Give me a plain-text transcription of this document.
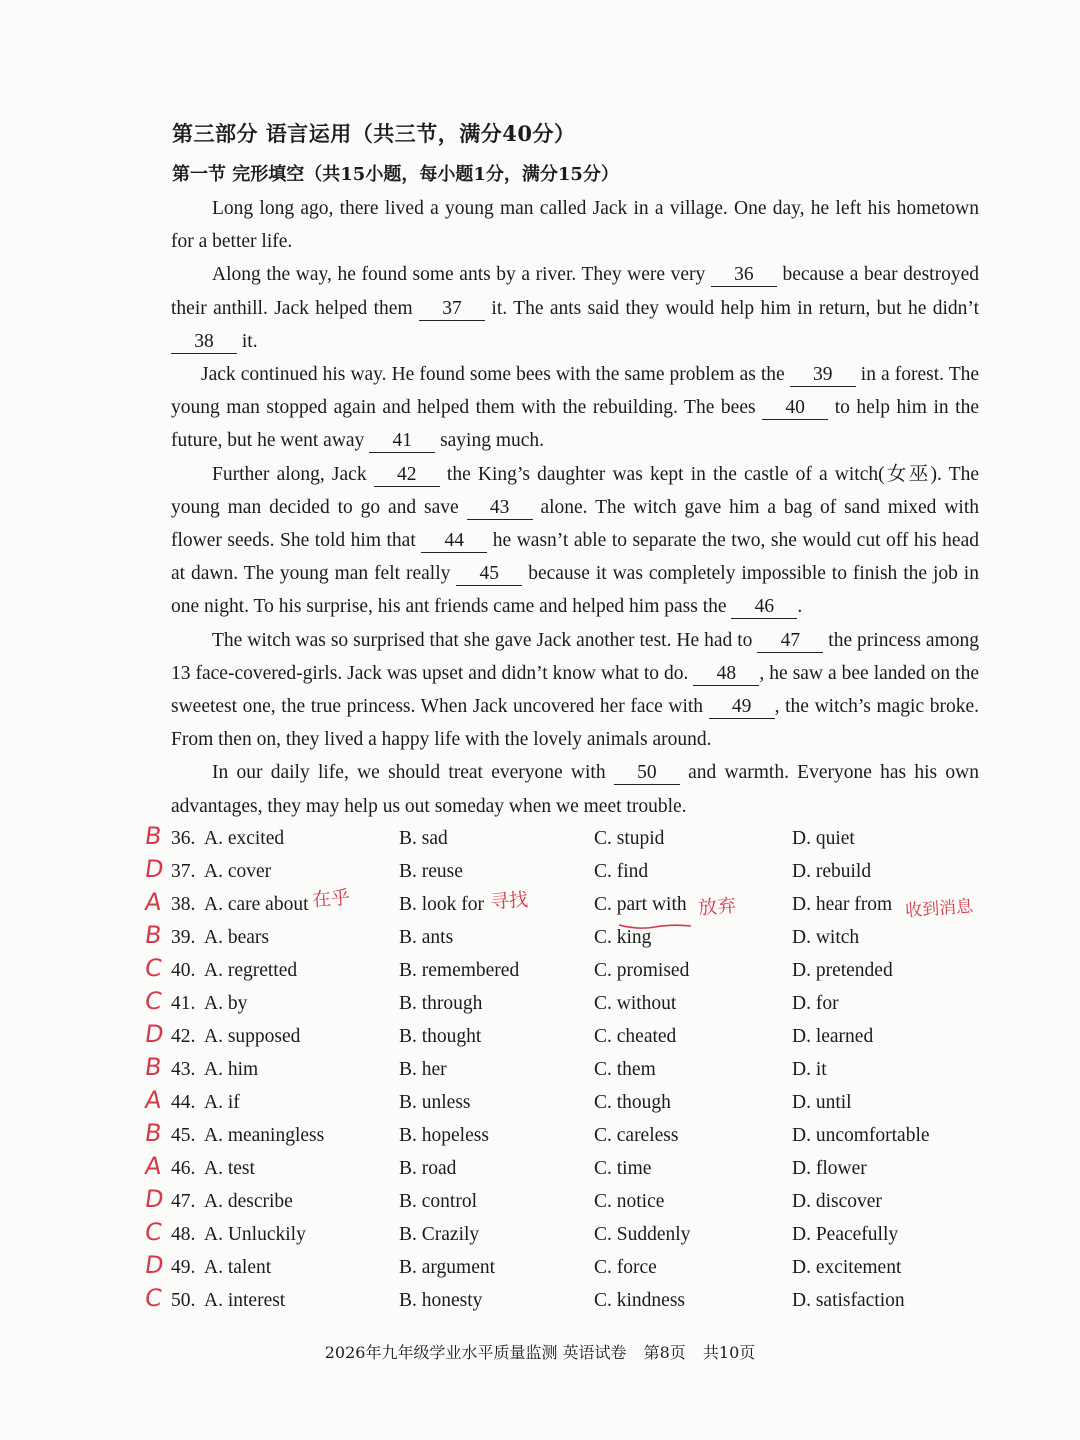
第三部分 语言运用（共三节，满分40分）
第一节 完形填空（共15小题，每小题1分，满分15分）

Long long ago, there lived a young man called Jack in a village. One day, he left his hometown for a better life.

Along the way, he found some ants by a river. They were very 36 because a bear destroyed their anthill. Jack helped them 37 it. The ants said they would help him in return, but he didn’t 38 it.

Jack continued his way. He found some bees with the same problem as the 39 in a forest. The young man stopped again and helped them with the rebuilding. The bees 40 to help him in the future, but he went away 41 saying much.

Further along, Jack 42 the King’s daughter was kept in the castle of a witch(女巫). The young man decided to go and save 43 alone. The witch gave him a bag of sand mixed with flower seeds. She told him that 44 he wasn’t able to separate the two, she would cut off his head at dawn. The young man felt really 45 because it was completely impossible to finish the job in one night. To his surprise, his ant friends came and helped him pass the 46 .

The witch was so surprised that she gave Jack another test. He had to 47 the princess among 13 face-covered-girls. Jack was upset and didn’t know what to do. 48 , he saw a bee landed on the sweetest one, the true princess. When Jack uncovered her face with 49 , the witch’s magic broke. From then on, they lived a happy life with the lovely animals around.

In our daily life, we should treat everyone with 50 and warmth. Everyone has his own advantages, they may help us out someday when we meet trouble.

B 36. A. excited	B. sad	C. stupid	D. quiet
D 37. A. cover	B. reuse	C. find	D. rebuild
A 38. A. care about	B. look for	C. part with	D. hear from
B 39. A. bears	B. ants	C. king	D. witch
C 40. A. regretted	B. remembered	C. promised	D. pretended
C 41. A. by	B. through	C. without	D. for
D 42. A. supposed	B. thought	C. cheated	D. learned
B 43. A. him	B. her	C. them	D. it
A 44. A. if	B. unless	C. though	D. until
B 45. A. meaningless	B. hopeless	C. careless	D. uncomfortable
A 46. A. test	B. road	C. time	D. flower
D 47. A. describe	B. control	C. notice	D. discover
C 48. A. Unluckily	B. Crazily	C. Suddenly	D. Peacefully
D 49. A. talent	B. argument	C. force	D. excitement
C 50. A. interest	B. honesty	C. kindness	D. satisfaction
在乎	寻找	放弃	收到消息
2026年九年级学业水平质量监测 英语试卷 第8页 共10页
